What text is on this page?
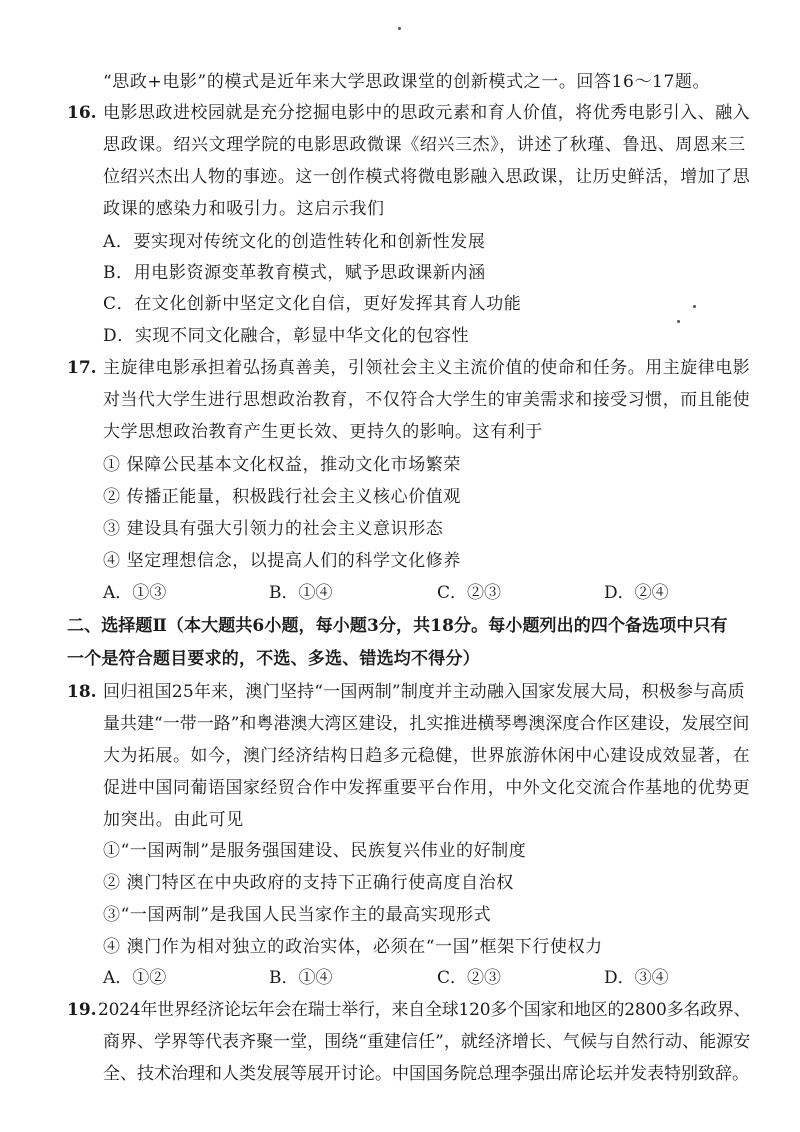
“思政+电影”的模式是近年来大学思政课堂的创新模式之一。回答16～17题。
16. 电影思政进校园就是充分挖掘电影中的思政元素和育人价值，将优秀电影引入、融入
思政课。绍兴文理学院的电影思政微课《绍兴三杰》，讲述了秋瑾、鲁迅、周恩来三
位绍兴杰出人物的事迹。这一创作模式将微电影融入思政课，让历史鲜活，增加了思
政课的感染力和吸引力。这启示我们
A．要实现对传统文化的创造性转化和创新性发展
B．用电影资源变革教育模式，赋予思政课新内涵
C．在文化创新中坚定文化自信，更好发挥其育人功能
D．实现不同文化融合，彰显中华文化的包容性
17. 主旋律电影承担着弘扬真善美，引领社会主义主流价值的使命和任务。用主旋律电影
对当代大学生进行思想政治教育，不仅符合大学生的审美需求和接受习惯，而且能使
大学思想政治教育产生更长效、更持久的影响。这有利于
① 保障公民基本文化权益，推动文化市场繁荣
② 传播正能量，积极践行社会主义核心价值观
③ 建设具有强大引领力的社会主义意识形态
④ 坚定理想信念，以提高人们的科学文化修养
A．①③	B．①④	C．②③	D．②④
二、选择题Ⅱ（本大题共6小题，每小题3分，共18分。每小题列出的四个备选项中只有
一个是符合题目要求的，不选、多选、错选均不得分）
18. 回归祖国25年来，澳门坚持“一国两制”制度并主动融入国家发展大局，积极参与高质
量共建“一带一路”和粤港澳大湾区建设，扎实推进横琴粤澳深度合作区建设，发展空间
大为拓展。如今，澳门经济结构日趋多元稳健，世界旅游休闲中心建设成效显著，在
促进中国同葡语国家经贸合作中发挥重要平台作用，中外文化交流合作基地的优势更
加突出。由此可见
①“一国两制”是服务强国建设、民族复兴伟业的好制度
② 澳门特区在中央政府的支持下正确行使高度自治权
③“一国两制”是我国人民当家作主的最高实现形式
④ 澳门作为相对独立的政治实体，必须在“一国”框架下行使权力
A．①②	B．①④	C．②③	D．③④
19. 2024年世界经济论坛年会在瑞士举行，来自全球120多个国家和地区的2800多名政界、
商界、学界等代表齐聚一堂，围绕“重建信任”，就经济增长、气候与自然行动、能源安
全、技术治理和人类发展等展开讨论。中国国务院总理李强出席论坛并发表特别致辞。
